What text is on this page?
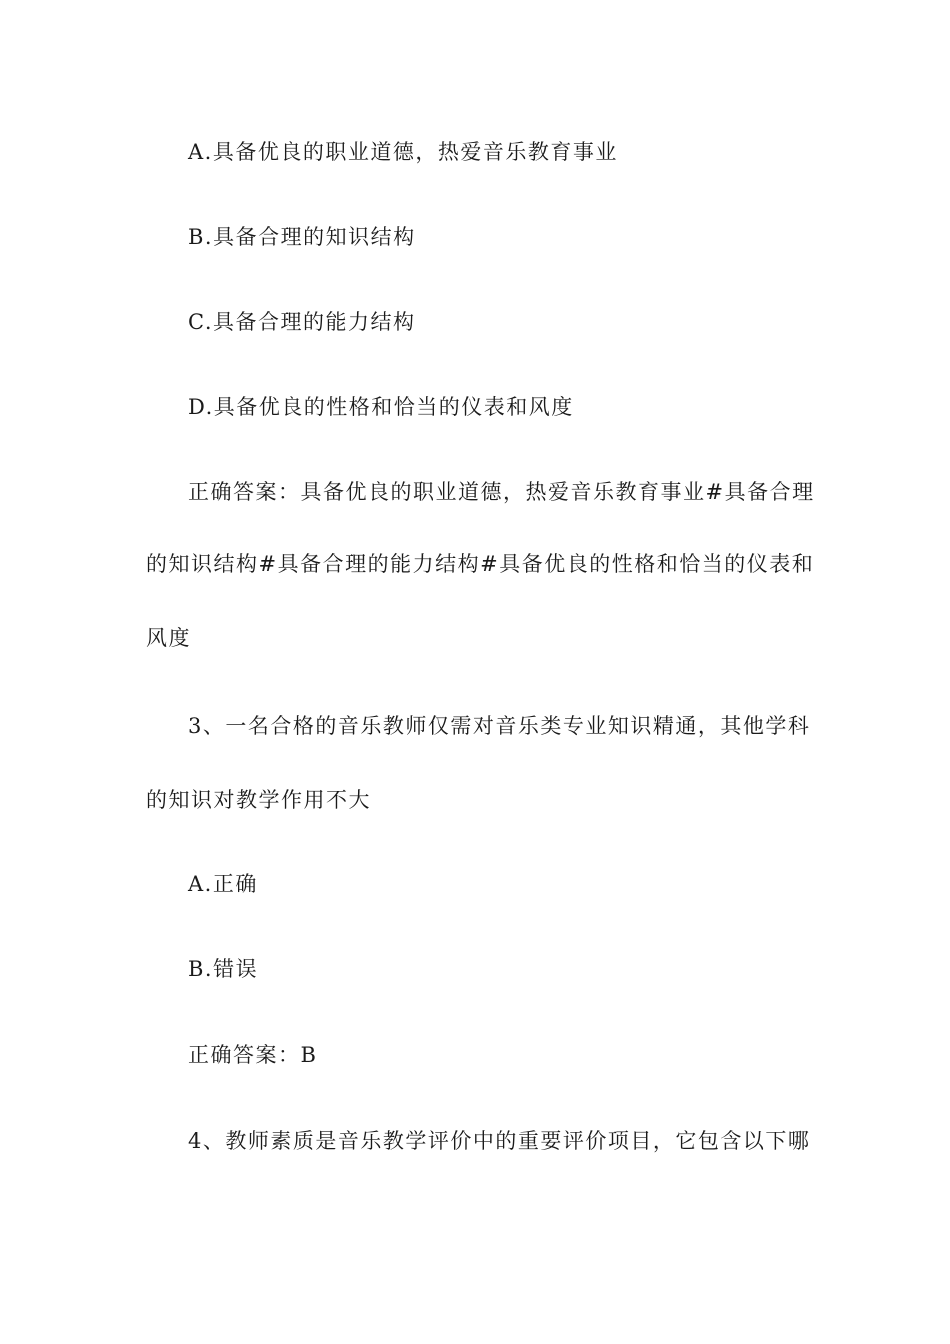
A.具备优良的职业道德，热爱音乐教育事业
B.具备合理的知识结构
C.具备合理的能力结构
D.具备优良的性格和恰当的仪表和风度
正确答案：具备优良的职业道德，热爱音乐教育事业#具备合理
的知识结构#具备合理的能力结构#具备优良的性格和恰当的仪表和
风度
3、一名合格的音乐教师仅需对音乐类专业知识精通，其他学科
的知识对教学作用不大
A.正确
B.错误
正确答案：B
4、教师素质是音乐教学评价中的重要评价项目，它包含以下哪
